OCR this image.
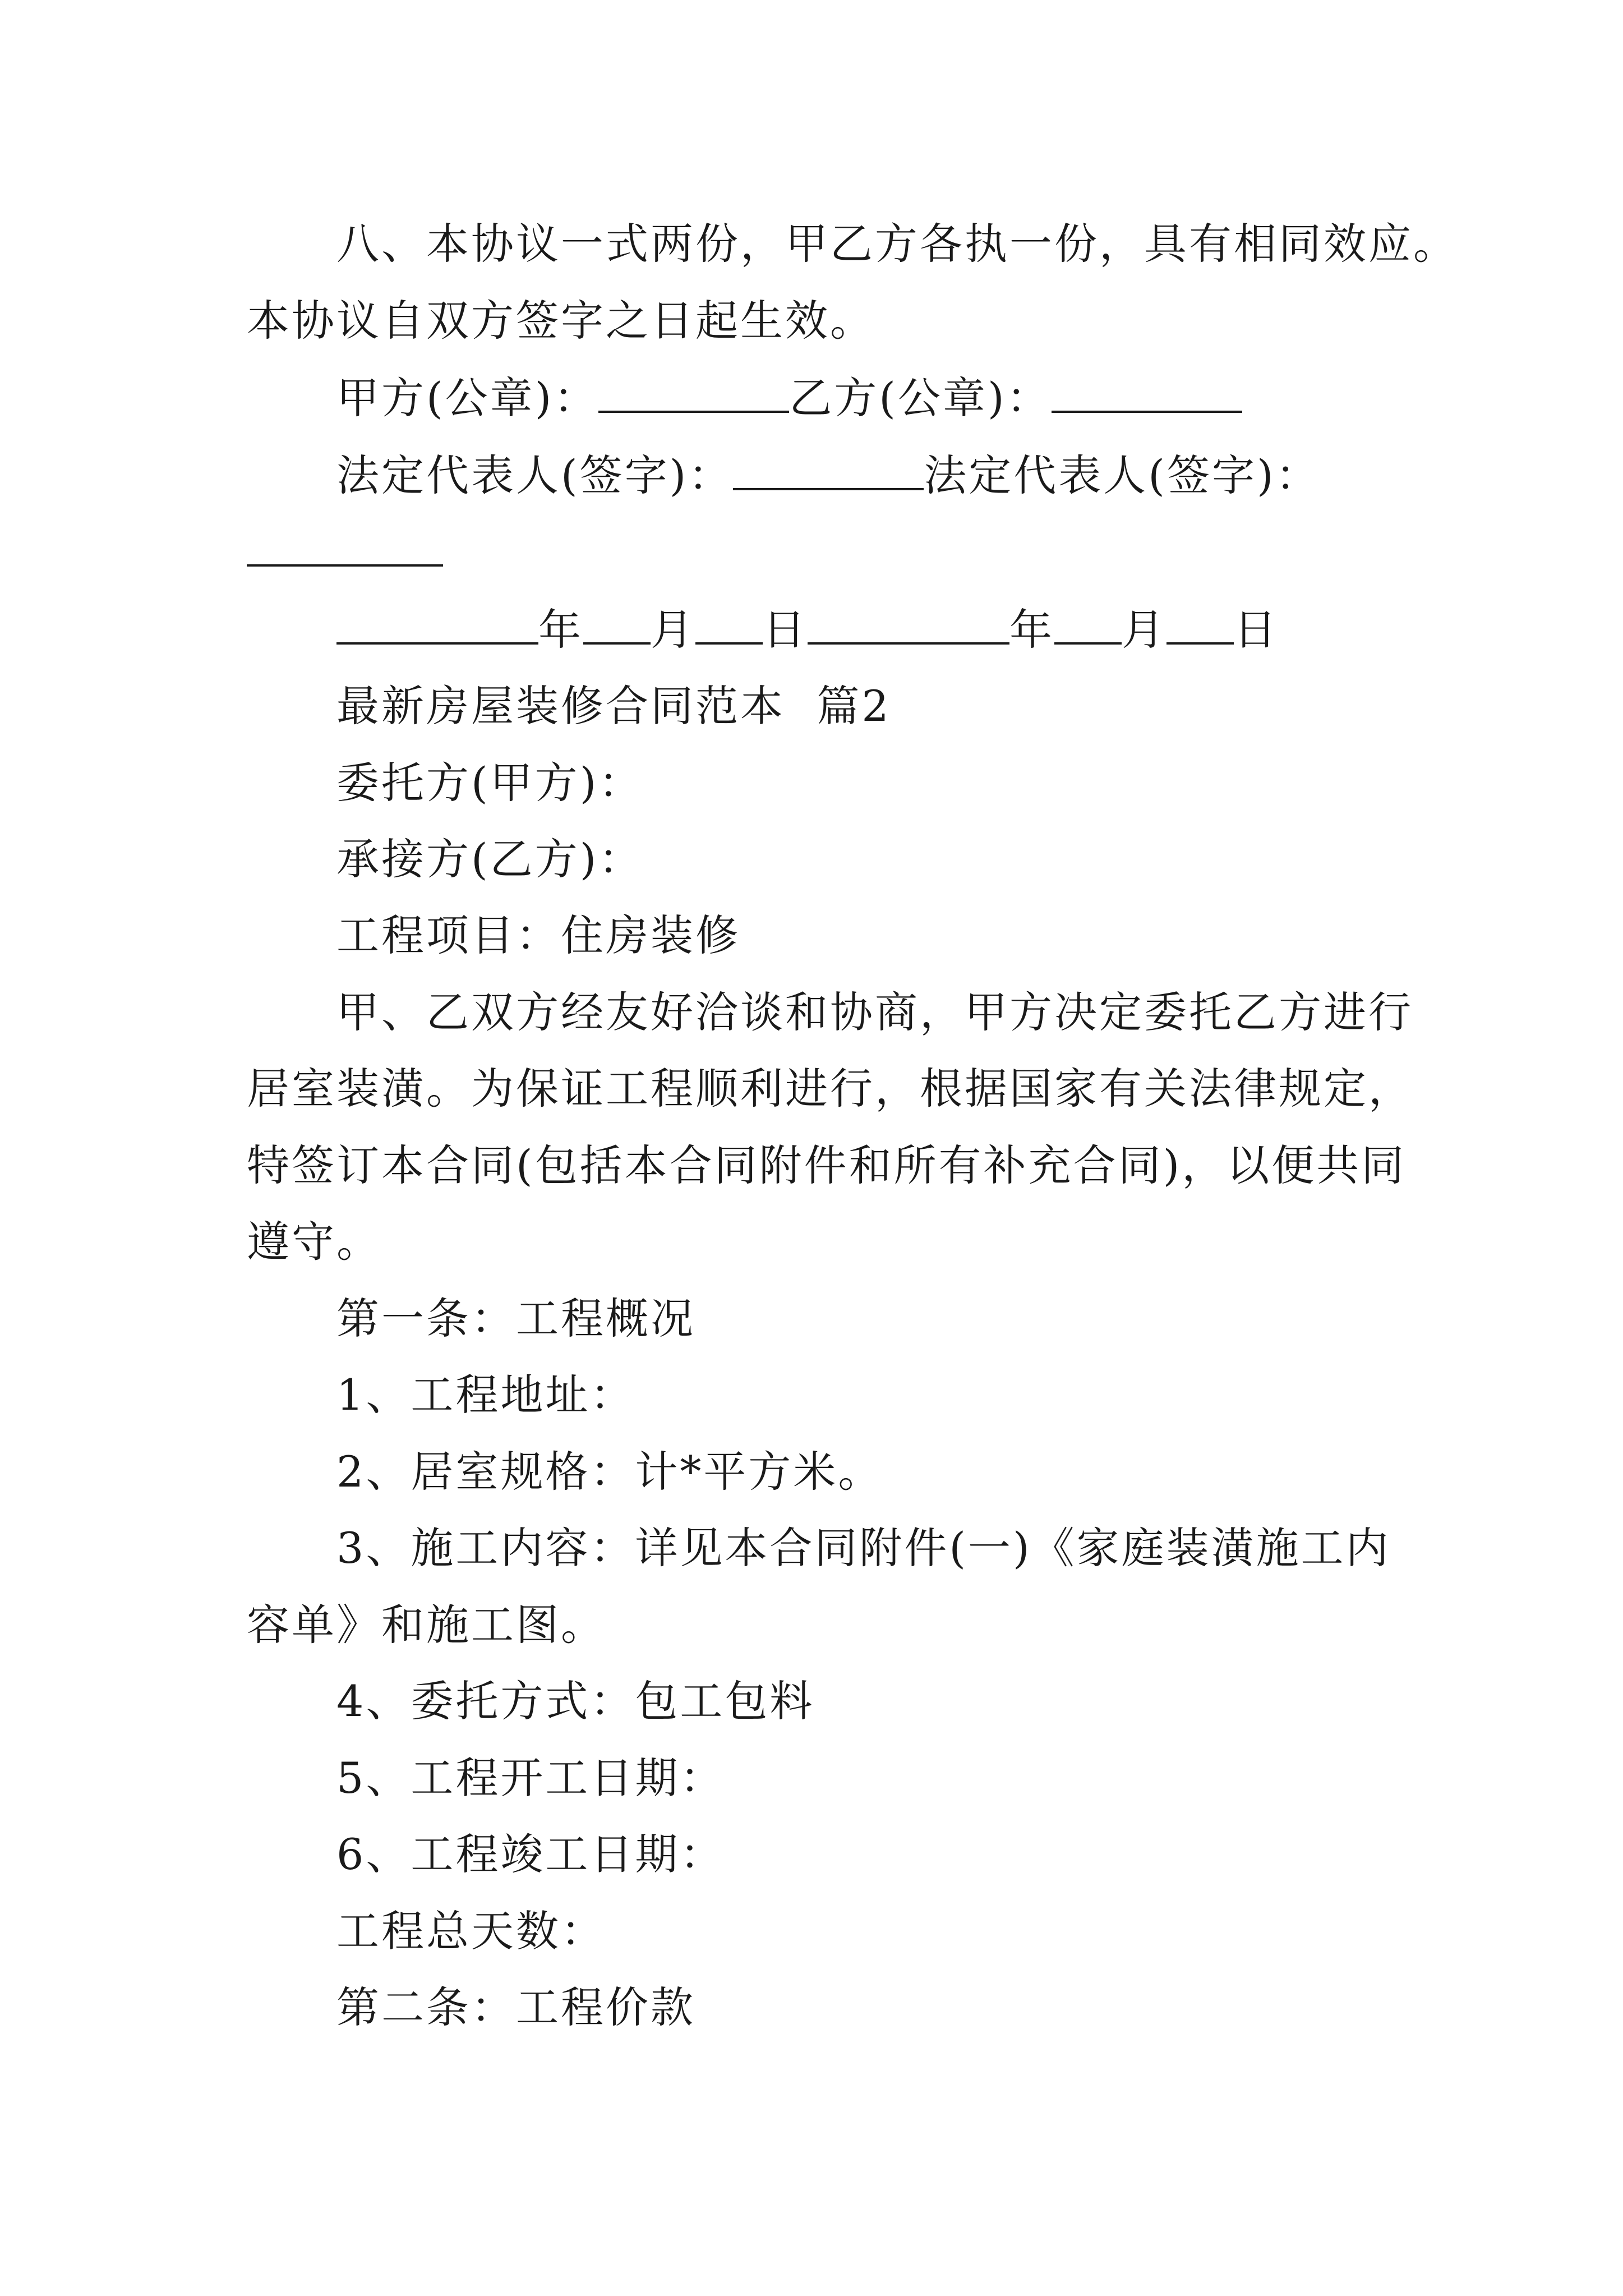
八、本协议一式两份，甲乙方各执一份，具有相同效应。
本协议自双方签字之日起生效。
甲方(公章)：	乙方(公章)：
法定代表人(签字)：	法定代表人(签字)：
年 月 日	年 月 日
最新房屋装修合同范本  篇2
委托方(甲方)：
承接方(乙方)：
工程项目：住房装修
甲、乙双方经友好洽谈和协商，甲方决定委托乙方进行
居室装潢。为保证工程顺利进行，根据国家有关法律规定，
特签订本合同(包括本合同附件和所有补充合同)，以便共同
遵守。
第一条：工程概况
1、工程地址：
2、居室规格：计*平方米。
3、施工内容：详见本合同附件(一)《家庭装潢施工内
容单》和施工图。
4、委托方式：包工包料
5、工程开工日期：
6、工程竣工日期：
工程总天数：
第二条：工程价款
